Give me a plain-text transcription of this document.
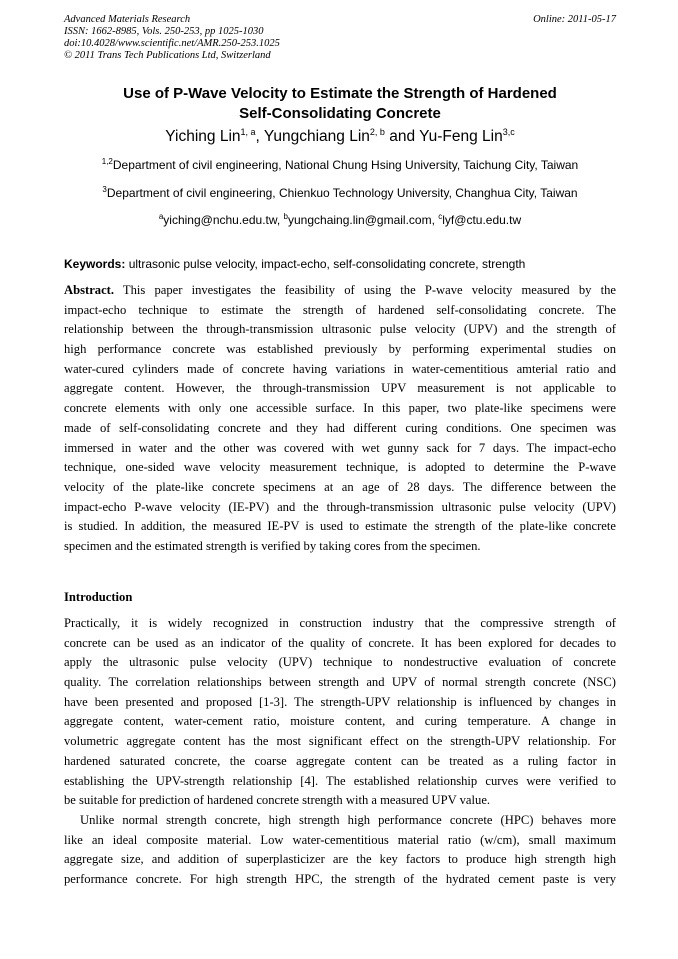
Advanced Materials Research
ISSN: 1662-8985, Vols. 250-253, pp 1025-1030
doi:10.4028/www.scientific.net/AMR.250-253.1025
© 2011 Trans Tech Publications Ltd, Switzerland
Online: 2011-05-17
Use of P-Wave Velocity to Estimate the Strength of Hardened
Self-Consolidating Concrete
Yiching Lin$^{1, a}$, Yungchiang Lin$^{2, b}$ and Yu-Feng Lin$^{3,c}$
$^{1,2}$Department of civil engineering, National Chung Hsing University, Taichung City, Taiwan
$^3$Department of civil engineering, Chienkuo Technology University, Changhua City, Taiwan
$^a$yiching@nchu.edu.tw, $^b$yungchaing.lin@gmail.com, $^c$lyf@ctu.edu.tw
Keywords: ultrasonic pulse velocity, impact-echo, self-consolidating concrete, strength
Abstract. This paper investigates the feasibility of using the P-wave velocity measured by the
impact-echo technique to estimate the strength of hardened self-consolidating concrete. The
relationship between the through-transmission ultrasonic pulse velocity (UPV) and the strength of
high performance concrete was established previously by performing experimental studies on
water-cured cylinders made of concrete having variations in water-cementitious amterial ratio and
aggregate content. However, the through-transmission UPV measurement is not applicable to
concrete elements with only one accessible surface. In this paper, two plate-like specimens were
made of self-consolidating concrete and they had different curing conditions. One specimen was
immersed in water and the other was covered with wet gunny sack for 7 days. The impact-echo
technique, one-sided wave velocity measurement technique, is adopted to determine the P-wave
velocity of the plate-like concrete specimens at an age of 28 days. The difference between the
impact-echo P-wave velocity (IE-PV) and the through-transmission ultrasonic pulse velocity (UPV)
is studied. In addition, the measured IE-PV is used to estimate the strength of the plate-like concrete
specimen and the estimated strength is verified by taking cores from the specimen.
Introduction
Practically, it is widely recognized in construction industry that the compressive strength of
concrete can be used as an indicator of the quality of concrete. It has been explored for decades to
apply the ultrasonic pulse velocity (UPV) technique to nondestructive evaluation of concrete
quality. The correlation relationships between strength and UPV of normal strength concrete (NSC)
have been presented and proposed [1-3]. The strength-UPV relationship is influenced by changes in
aggregate content, water-cement ratio, moisture content, and curing temperature. A change in
volumetric aggregate content has the most significant effect on the strength-UPV relationship. For
hardened saturated concrete, the coarse aggregate content can be treated as a ruling factor in
establishing the UPV-strength relationship [4]. The established relationship curves were verified to
be suitable for prediction of hardened concrete strength with a measured UPV value.
Unlike normal strength concrete, high strength high performance concrete (HPC) behaves more
like an ideal composite material. Low water-cementitious material ratio (w/cm), small maximum
aggregate size, and addition of superplasticizer are the key factors to produce high strength high
performance concrete. For high strength HPC, the strength of the hydrated cement paste is very
